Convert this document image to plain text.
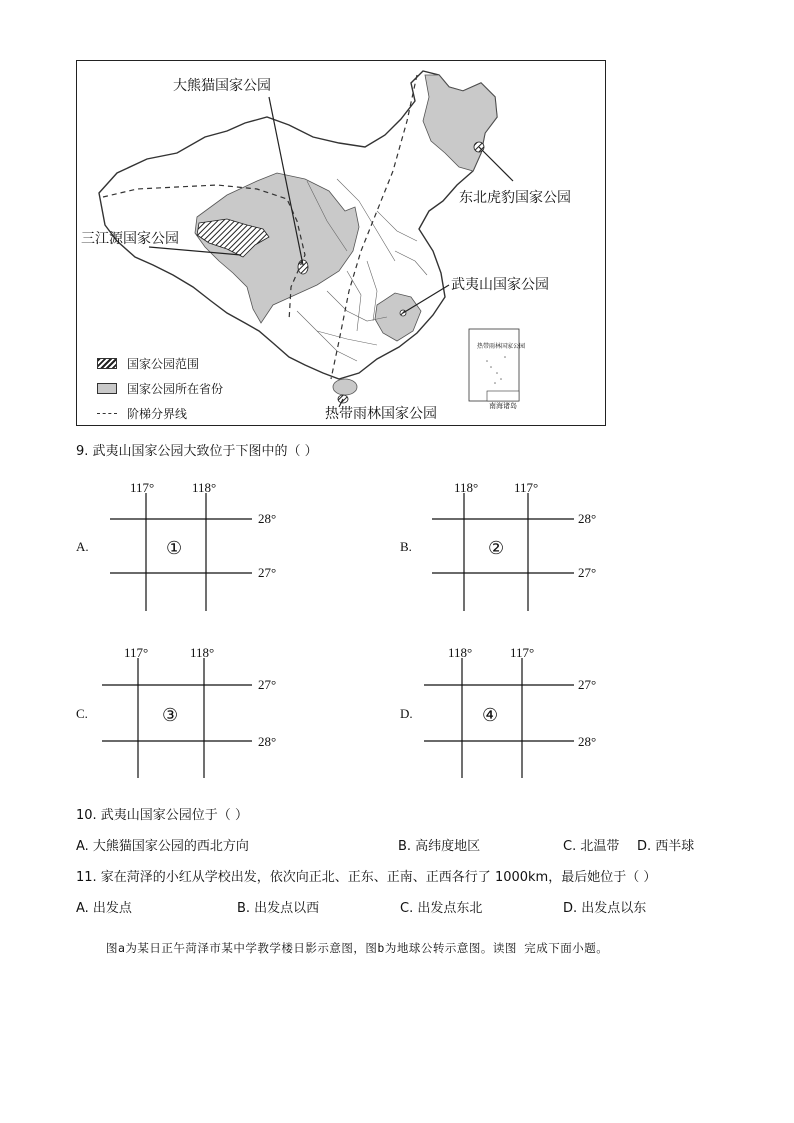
大熊猫国家公园
东北虎豹国家公园
三江源国家公园
武夷山国家公园
热带雨林国家公园
热带雨林国家公园
南海诸岛
国家公园范围
国家公园所在省份
阶梯分界线
9. 武夷山国家公园大致位于下图中的（ ）
A.
117°	118°
28°
27°
①	B.
118°	117°
28°
27°
②
C.
117°	118°
27°
28°
③	D.
118°	117°
27°
28°
④
10. 武夷山国家公园位于（ ）
A. 大熊猫国家公园的西北方向	B. 高纬度地区	C. 北温带 D. 西半球
11. 家在菏泽的小红从学校出发，依次向正北、正东、正南、正西各行了 1000km，最后她位于（ ）
A. 出发点	B. 出发点以西	C. 出发点东北	D. 出发点以东
图a为某日正午菏泽市某中学教学楼日影示意图，图b为地球公转示意图。读图 完成下面小题。
